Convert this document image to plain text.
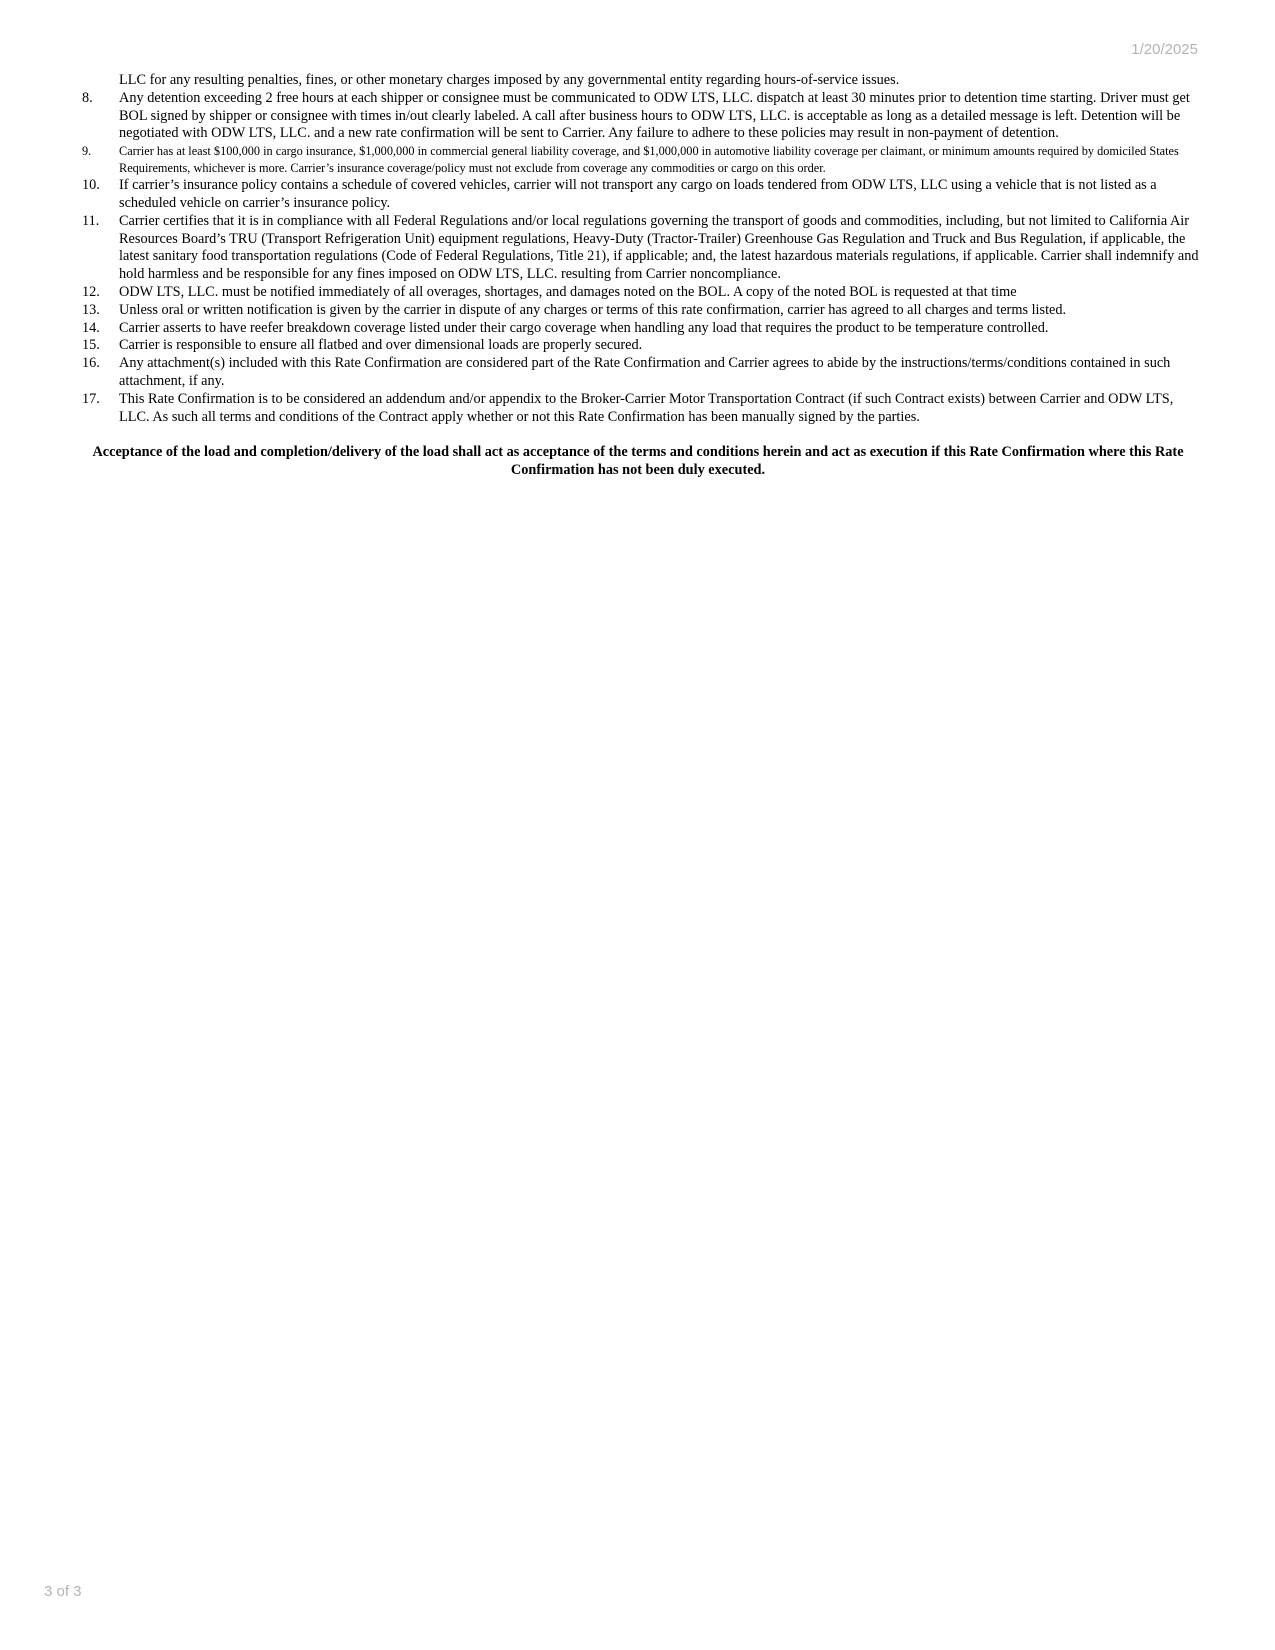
1/20/2025
LLC for any resulting penalties, fines, or other monetary charges imposed by any governmental entity regarding hours-of-service issues.
8.	Any detention exceeding 2 free hours at each shipper or consignee must be communicated to ODW LTS, LLC. dispatch at least 30 minutes prior to detention time starting. Driver must get BOL signed by shipper or consignee with times in/out clearly labeled. A call after business hours to ODW LTS, LLC. is acceptable as long as a detailed message is left. Detention will be negotiated with ODW LTS, LLC. and a new rate confirmation will be sent to Carrier. Any failure to adhere to these policies may result in non-payment of detention.
9.	Carrier has at least $100,000 in cargo insurance, $1,000,000 in commercial general liability coverage, and $1,000,000 in automotive liability coverage per claimant, or minimum amounts required by domiciled States Requirements, whichever is more. Carrier’s insurance coverage/policy must not exclude from coverage any commodities or cargo on this order.
10.	If carrier’s insurance policy contains a schedule of covered vehicles, carrier will not transport any cargo on loads tendered from ODW LTS, LLC using a vehicle that is not listed as a scheduled vehicle on carrier’s insurance policy.
11.	Carrier certifies that it is in compliance with all Federal Regulations and/or local regulations governing the transport of goods and commodities, including, but not limited to California Air Resources Board’s TRU (Transport Refrigeration Unit) equipment regulations, Heavy-Duty (Tractor-Trailer) Greenhouse Gas Regulation and Truck and Bus Regulation, if applicable, the latest sanitary food transportation regulations (Code of Federal Regulations, Title 21), if applicable; and, the latest hazardous materials regulations, if applicable. Carrier shall indemnify and hold harmless and be responsible for any fines imposed on ODW LTS, LLC. resulting from Carrier noncompliance.
12.	ODW LTS, LLC. must be notified immediately of all overages, shortages, and damages noted on the BOL. A copy of the noted BOL is requested at that time
13.	Unless oral or written notification is given by the carrier in dispute of any charges or terms of this rate confirmation, carrier has agreed to all charges and terms listed.
14.	Carrier asserts to have reefer breakdown coverage listed under their cargo coverage when handling any load that requires the product to be temperature controlled.
15.	Carrier is responsible to ensure all flatbed and over dimensional loads are properly secured.
16.	Any attachment(s) included with this Rate Confirmation are considered part of the Rate Confirmation and Carrier agrees to abide by the instructions/terms/conditions contained in such attachment, if any.
17.	This Rate Confirmation is to be considered an addendum and/or appendix to the Broker-Carrier Motor Transportation Contract (if such Contract exists) between Carrier and ODW LTS, LLC. As such all terms and conditions of the Contract apply whether or not this Rate Confirmation has been manually signed by the parties.
Acceptance of the load and completion/delivery of the load shall act as acceptance of the terms and conditions herein and act as execution if this Rate Confirmation where this Rate Confirmation has not been duly executed.
3 of 3
